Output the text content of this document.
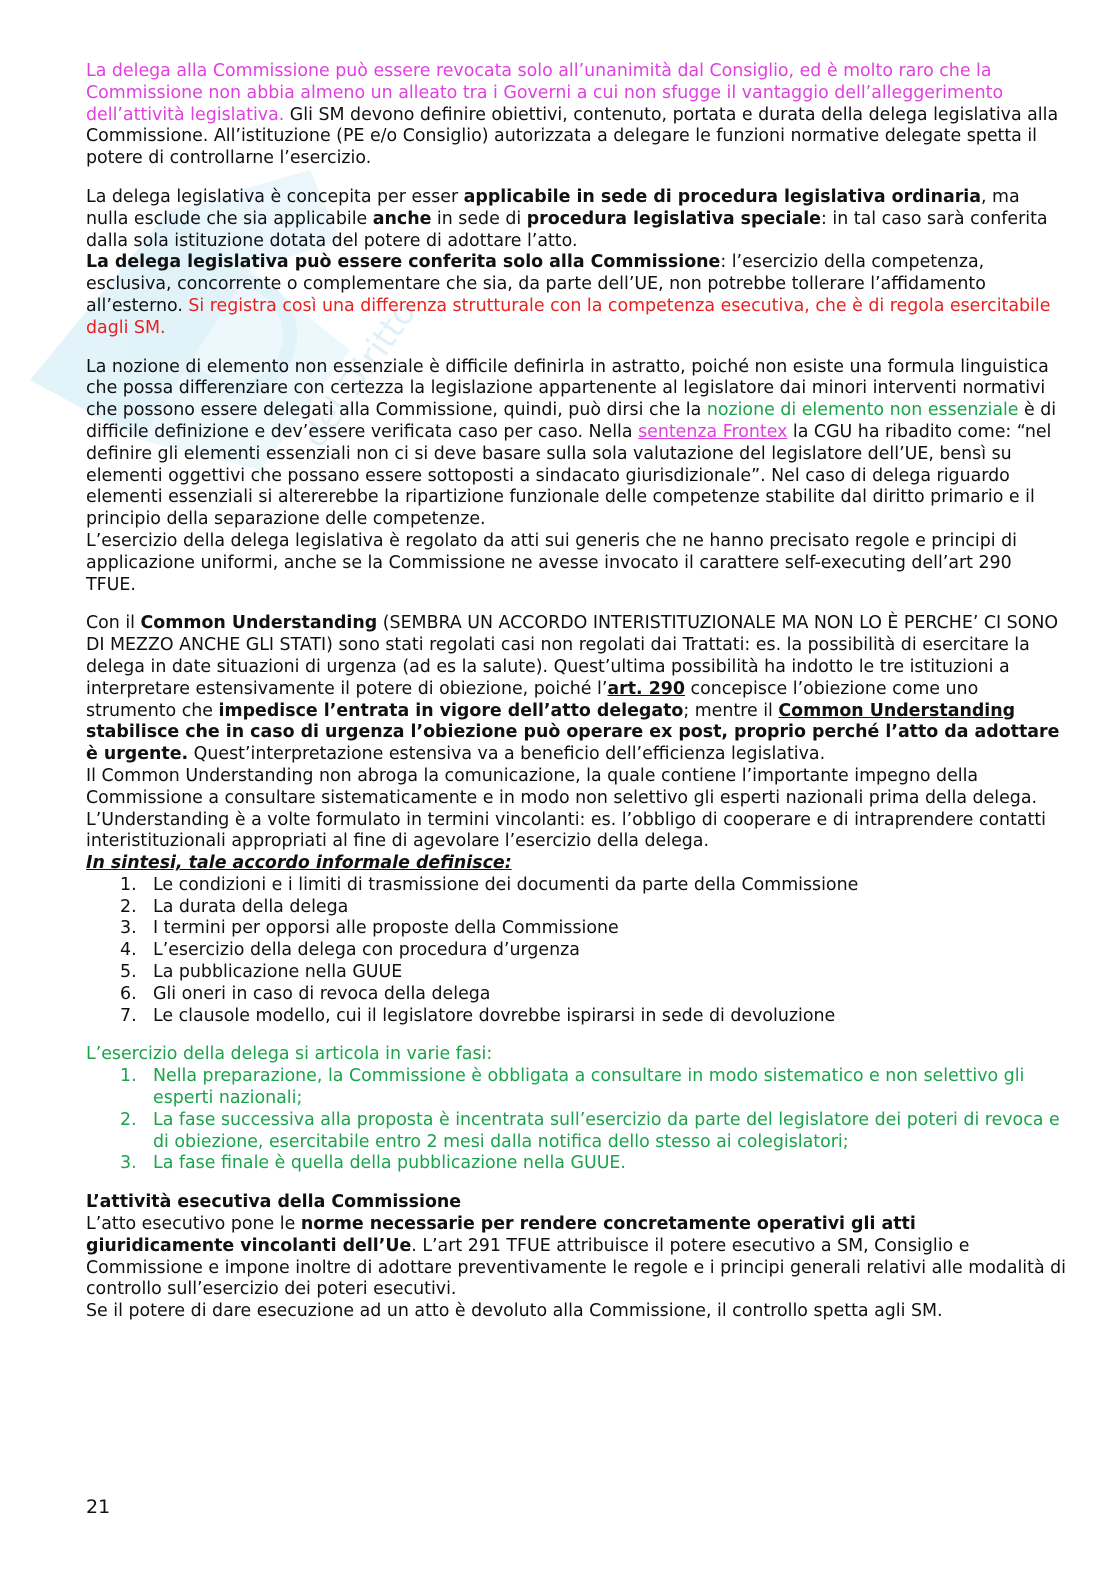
del Diritto

La delega alla Commissione può essere revocata solo all’unanimità dal Consiglio, ed è molto raro che la Commissione non abbia almeno un alleato tra i Governi a cui non sfugge il vantaggio dell’alleggerimento dell’attività legislativa. Gli SM devono definire obiettivi, contenuto, portata e durata della delega legislativa alla Commissione. All’istituzione (PE e/o Consiglio) autorizzata a delegare le funzioni normative delegate spetta il potere di controllarne l’esercizio.

La delega legislativa è concepita per esser applicabile in sede di procedura legislativa ordinaria, ma nulla esclude che sia applicabile anche in sede di procedura legislativa speciale: in tal caso sarà conferita dalla sola istituzione dotata del potere di adottare l’atto.

La delega legislativa può essere conferita solo alla Commissione: l’esercizio della competenza, esclusiva, concorrente o complementare che sia, da parte dell’UE, non potrebbe tollerare l’affidamento all’esterno. Si registra così una differenza strutturale con la competenza esecutiva, che è di regola esercitabile dagli SM.

La nozione di elemento non essenziale è difficile definirla in astratto, poiché non esiste una formula linguistica che possa differenziare con certezza la legislazione appartenente al legislatore dai minori interventi normativi che possono essere delegati alla Commissione, quindi, può dirsi che la nozione di elemento non essenziale è di difficile definizione e dev’essere verificata caso per caso. Nella sentenza Frontex la CGU ha ribadito come: “nel definire gli elementi essenziali non ci si deve basare sulla sola valutazione del legislatore dell’UE, bensì su elementi oggettivi che possano essere sottoposti a sindacato giurisdizionale”. Nel caso di delega riguardo elementi essenziali si altererebbe la ripartizione funzionale delle competenze stabilite dal diritto primario e il principio della separazione delle competenze.

L’esercizio della delega legislativa è regolato da atti sui generis che ne hanno precisato regole e principi di applicazione uniformi, anche se la Commissione ne avesse invocato il carattere self-executing dell’art 290 TFUE.

Con il Common Understanding (SEMBRA UN ACCORDO INTERISTITUZIONALE MA NON LO È PERCHE’ CI SONO DI MEZZO ANCHE GLI STATI) sono stati regolati casi non regolati dai Trattati: es. la possibilità di esercitare la delega in date situazioni di urgenza (ad es la salute). Quest’ultima possibilità ha indotto le tre istituzioni a interpretare estensivamente il potere di obiezione, poiché l’art. 290 concepisce l’obiezione come uno strumento che impedisce l’entrata in vigore dell’atto delegato; mentre il Common Understanding stabilisce che in caso di urgenza l’obiezione può operare ex post, proprio perché l’atto da adottare è urgente. Quest’interpretazione estensiva va a beneficio dell’efficienza legislativa.

Il Common Understanding non abroga la comunicazione, la quale contiene l’importante impegno della Commissione a consultare sistematicamente e in modo non selettivo gli esperti nazionali prima della delega.

L’Understanding è a volte formulato in termini vincolanti: es. l’obbligo di cooperare e di intraprendere contatti interistituzionali appropriati al fine di agevolare l’esercizio della delega.

In sintesi, tale accordo informale definisce:

1. Le condizioni e i limiti di trasmissione dei documenti da parte della Commissione
2. La durata della delega
3. I termini per opporsi alle proposte della Commissione
4. L’esercizio della delega con procedura d’urgenza
5. La pubblicazione nella GUUE
6. Gli oneri in caso di revoca della delega
7. Le clausole modello, cui il legislatore dovrebbe ispirarsi in sede di devoluzione

L’esercizio della delega si articola in varie fasi:

1. Nella preparazione, la Commissione è obbligata a consultare in modo sistematico e non selettivo gli esperti nazionali;
2. La fase successiva alla proposta è incentrata sull’esercizio da parte del legislatore dei poteri di revoca e di obiezione, esercitabile entro 2 mesi dalla notifica dello stesso ai colegislatori;
3. La fase finale è quella della pubblicazione nella GUUE.

L’attività esecutiva della Commissione

L’atto esecutivo pone le norme necessarie per rendere concretamente operativi gli atti giuridicamente vincolanti dell’Ue. L’art 291 TFUE attribuisce il potere esecutivo a SM, Consiglio e Commissione e impone inoltre di adottare preventivamente le regole e i principi generali relativi alle modalità di controllo sull’esercizio dei poteri esecutivi.

Se il potere di dare esecuzione ad un atto è devoluto alla Commissione, il controllo spetta agli SM.

21
